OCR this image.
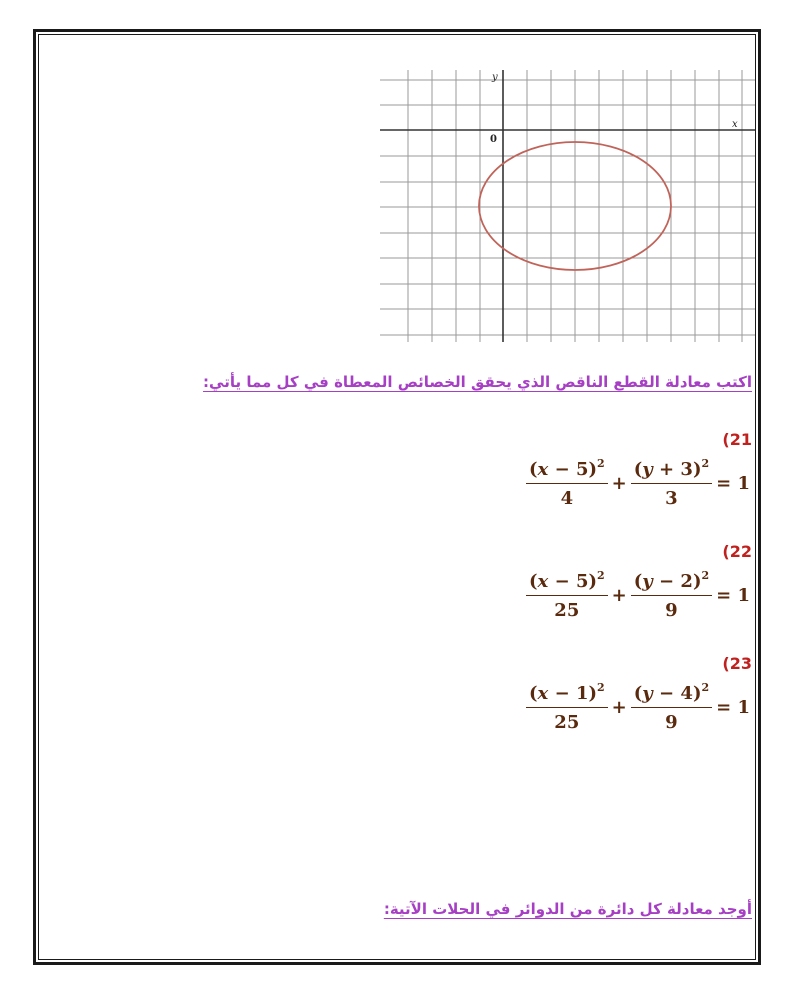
y
x
0
اكتب معادلة القطع الناقص الذي يحقق الخصائص المعطاة في كل مما يأتي:
(21
$\frac{(x - 5)^2}{4} + \frac{(y + 3)^2}{3} = 1$
(22
$\frac{(x - 5)^2}{25} + \frac{(y - 2)^2}{9} = 1$
(23
$\frac{(x - 1)^2}{25} + \frac{(y - 4)^2}{9} = 1$
أوجد معادلة كل دائرة من الدوائر في الحلات الآتية:
